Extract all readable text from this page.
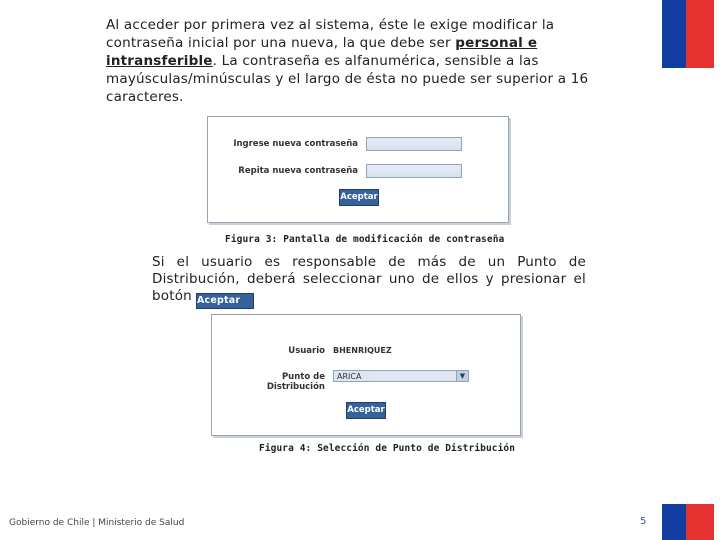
Al acceder por primera vez al sistema, éste le exige modificar la contraseña inicial por una nueva, la que debe ser personal e intransferible. La contraseña es alfanumérica, sensible a las mayúsculas/minúsculas y el largo de ésta no puede ser superior a 16 caracteres.
Ingrese nueva contraseña
Repita nueva contraseña
Aceptar
Figura 3: Pantalla de modificación de contraseña
Si el usuario es responsable de más de un Punto de
Distribución, deberá seleccionar uno de ellos y presionar el
botón Aceptar
Usuario BHENRIQUEZ
Punto de Distribución
ARICA	▼
Aceptar
Figura 4: Selección de Punto de Distribución
Gobierno de Chile | Ministerio de Salud	5
